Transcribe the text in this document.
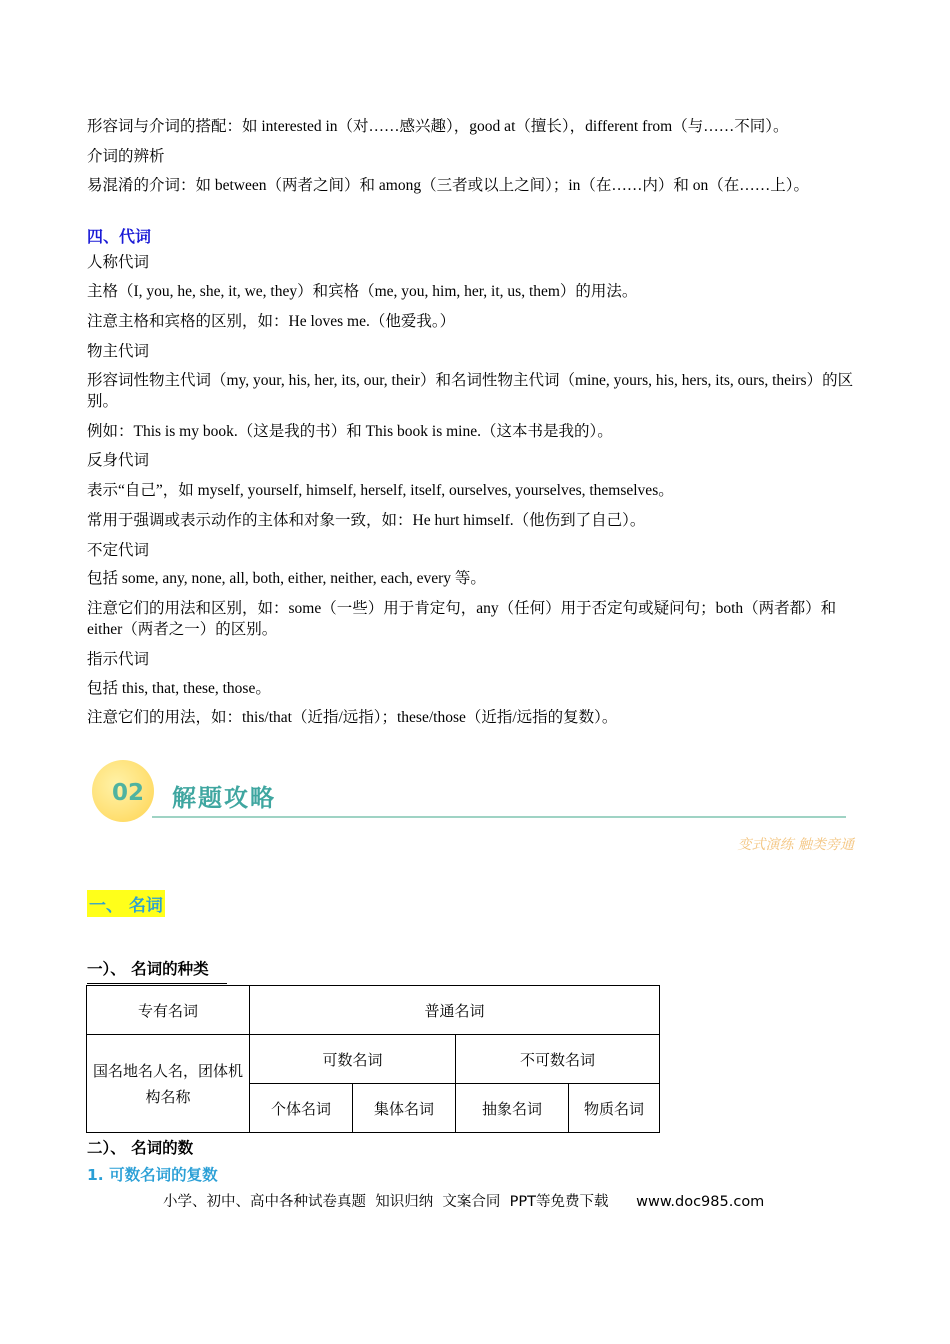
形容词与介词的搭配：如 interested in（对……感兴趣），good at（擅长），different from（与……不同）。
介词的辨析
易混淆的介词：如 between（两者之间）和 among（三者或以上之间）；in（在……内）和 on（在……上）。
四、代词
人称代词
主格（I, you, he, she, it, we, they）和宾格（me, you, him, her, it, us, them）的用法。
注意主格和宾格的区别，如：He loves me.（他爱我。）
物主代词
形容词性物主代词（my, your, his, her, its, our, their）和名词性物主代词（mine, yours, his, hers, its, ours, theirs）的区别。
例如：This is my book.（这是我的书）和 This book is mine.（这本书是我的）。
反身代词
表示“自己”，如 myself, yourself, himself, herself, itself, ourselves, yourselves, themselves。
常用于强调或表示动作的主体和对象一致，如：He hurt himself.（他伤到了自己）。
不定代词
包括 some, any, none, all, both, either, neither, each, every 等。
注意它们的用法和区别，如：some（一些）用于肯定句，any（任何）用于否定句或疑问句；both（两者都）和 either（两者之一）的区别。
指示代词
包括 this, that, these, those。
注意它们的用法，如：this/that（近指/远指）；these/those（近指/远指的复数）。
02 解题攻略
变式演练 触类旁通
一、 名词
一）、 名词的种类
专有名词	普通名词			
国名地名人名，团体机构名称	可数名词		不可数名词	
	个体名词	集体名词	抽象名词	物质名词
二）、 名词的数
1. 可数名词的复数
小学、初中、高中各种试卷真题  知识归纳  文案合同  PPT等免费下载      www.doc985.com
